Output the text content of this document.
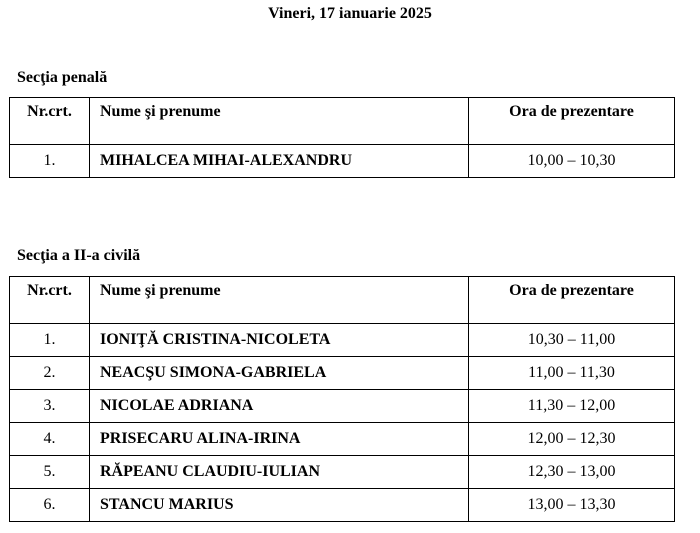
Vineri, 17 ianuarie 2025
Secţia penală
Nr.crt.	Nume şi prenume	Ora de prezentare
1.	MIHALCEA MIHAI-ALEXANDRU	10,00 – 10,30
Secţia a II-a civilă
Nr.crt.	Nume şi prenume	Ora de prezentare
1.	IONIŢĂ CRISTINA-NICOLETA	10,30 – 11,00
2.	NEACŞU SIMONA-GABRIELA	11,00 – 11,30
3.	NICOLAE ADRIANA	11,30 – 12,00
4.	PRISECARU ALINA-IRINA	12,00 – 12,30
5.	RĂPEANU CLAUDIU-IULIAN	12,30 – 13,00
6.	STANCU MARIUS	13,00 – 13,30
